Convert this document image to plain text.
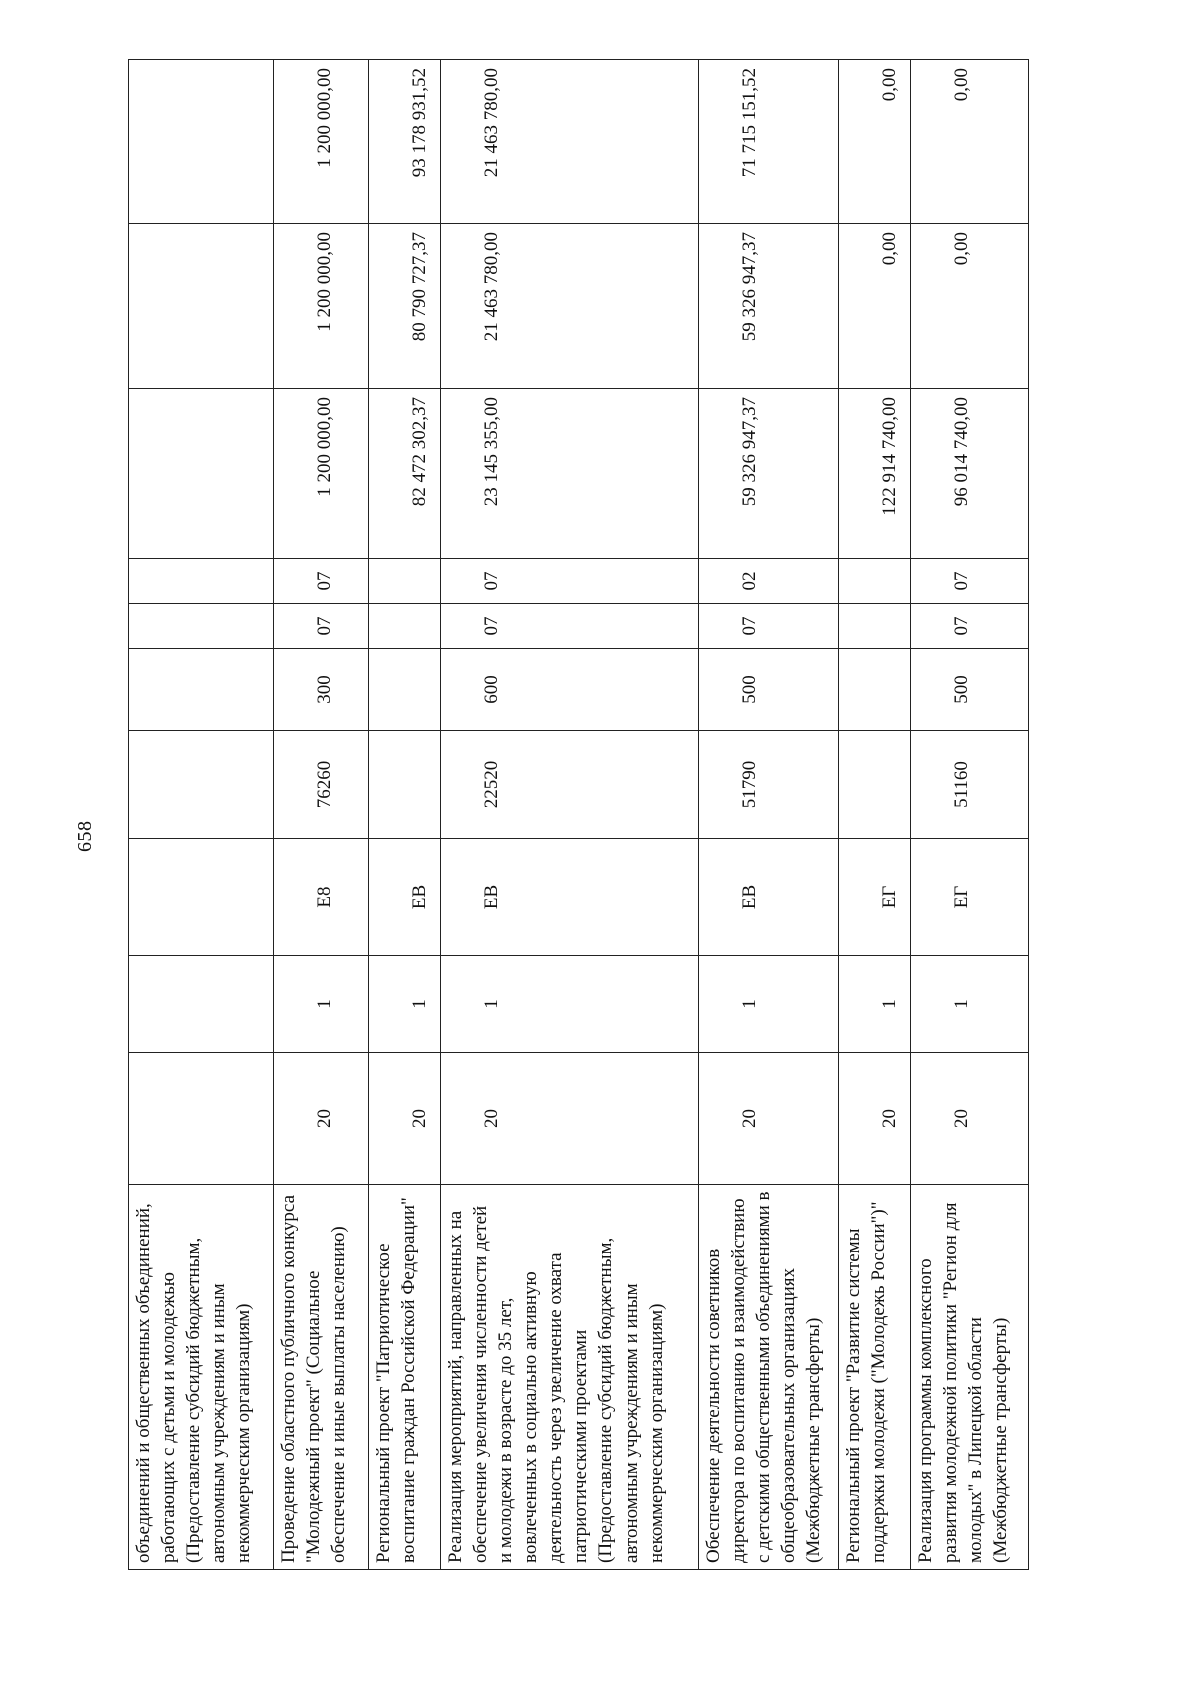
658
объединений и общественных объединений, работающих с детьми и молодежью (Предоставление субсидий бюджетным, автономным учреждениям и иным некоммерческим организациям)										
Проведение областного публичного конкурса "Молодежный проект" (Социальное обеспечение и иные выплаты населению)	20	1	Е8	76260	300	07	07	1 200 000,00	1 200 000,00	1 200 000,00
Региональный проект "Патриотическое воспитание граждан Российской Федерации"	20	1	ЕВ					82 472 302,37	80 790 727,37	93 178 931,52
Реализация мероприятий, направленных на обеспечение увеличения численности детей и молодежи в возрасте до 35 лет, вовлеченных в социально активную деятельность через увеличение охвата патриотическими проектами (Предоставление субсидий бюджетным, автономным учреждениям и иным некоммерческим организациям)	20	1	ЕВ	22520	600	07	07	23 145 355,00	21 463 780,00	21 463 780,00
Обеспечение деятельности советников директора по воспитанию и взаимодействию с детскими общественными объединениями в общеобразовательных организациях (Межбюджетные трансферты)	20	1	ЕВ	51790	500	07	02	59 326 947,37	59 326 947,37	71 715 151,52
Региональный проект "Развитие системы поддержки молодежи ("Молодежь России")"	20	1	ЕГ					122 914 740,00	0,00	0,00
Реализация программы комплексного развития молодежной политики "Регион для молодых" в Липецкой области (Межбюджетные трансферты)	20	1	ЕГ	51160	500	07	07	96 014 740,00	0,00	0,00
